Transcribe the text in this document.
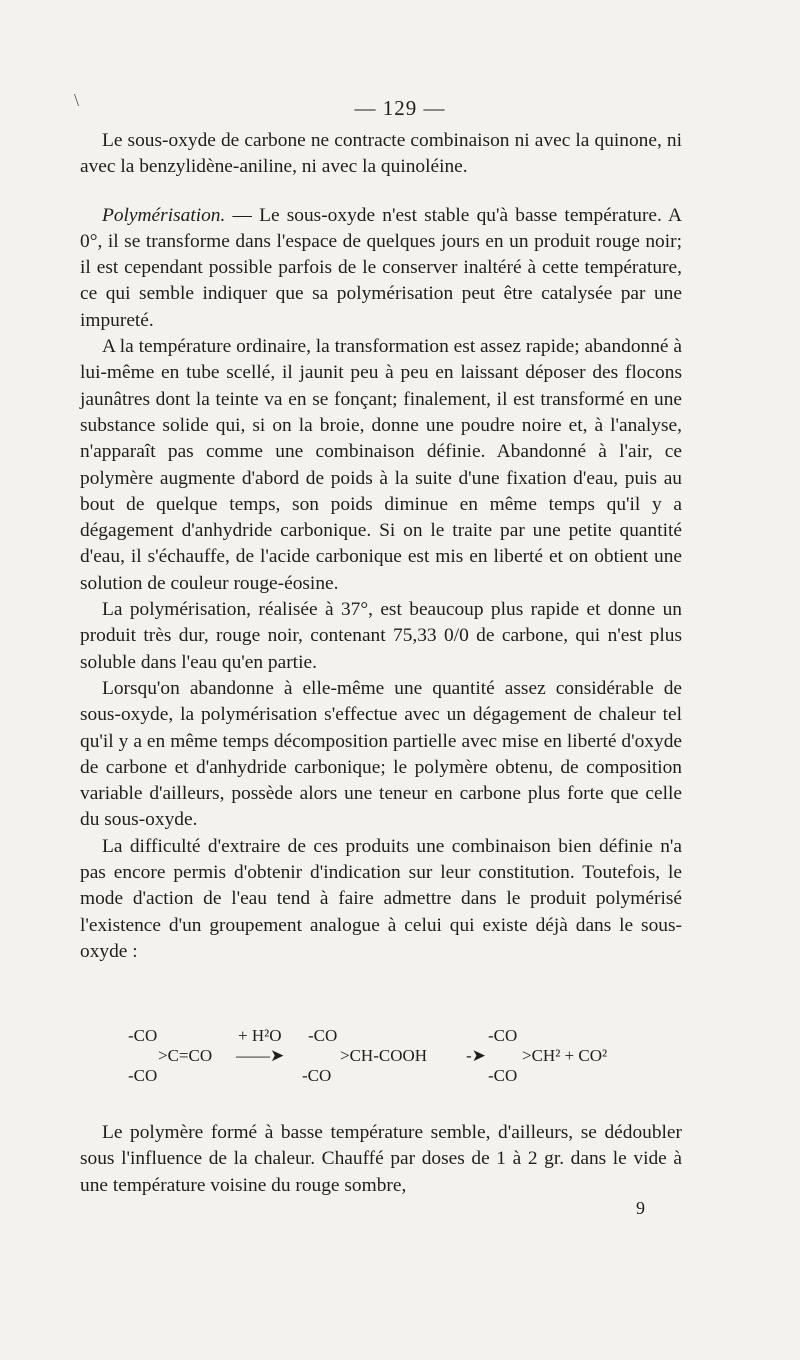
\	— 129 —

Le sous-oxyde de carbone ne contracte combinaison ni avec la quinone, ni avec la benzylidène-aniline, ni avec la quinoléine.

Polymérisation. — Le sous-oxyde n'est stable qu'à basse température. A 0°, il se transforme dans l'espace de quelques jours en un produit rouge noir; il est cependant possible parfois de le conserver inaltéré à cette température, ce qui semble indiquer que sa polymérisation peut être catalysée par une impureté.

A la température ordinaire, la transformation est assez rapide; abandonné à lui-même en tube scellé, il jaunit peu à peu en laissant déposer des flocons jaunâtres dont la teinte va en se fonçant; finalement, il est transformé en une substance solide qui, si on la broie, donne une poudre noire et, à l'analyse, n'apparaît pas comme une combinaison définie. Abandonné à l'air, ce polymère augmente d'abord de poids à la suite d'une fixation d'eau, puis au bout de quelque temps, son poids diminue en même temps qu'il y a dégagement d'anhydride carbonique. Si on le traite par une petite quantité d'eau, il s'échauffe, de l'acide carbonique est mis en liberté et on obtient une solution de couleur rouge-éosine.

La polymérisation, réalisée à 37°, est beaucoup plus rapide et donne un produit très dur, rouge noir, contenant 75,33 0/0 de carbone, qui n'est plus soluble dans l'eau qu'en partie.

Lorsqu'on abandonne à elle-même une quantité assez considérable de sous-oxyde, la polymérisation s'effectue avec un dégagement de chaleur tel qu'il y a en même temps décomposition partielle avec mise en liberté d'oxyde de carbone et d'anhydride carbonique; le polymère obtenu, de composition variable d'ailleurs, possède alors une teneur en carbone plus forte que celle du sous-oxyde.

La difficulté d'extraire de ces produits une combinaison bien définie n'a pas encore permis d'obtenir d'indication sur leur constitution. Toutefois, le mode d'action de l'eau tend à faire admettre dans le produit polymérisé l'existence d'un groupement analogue à celui qui existe déjà dans le sous-oxyde :

-CO
>C=CO
-CO
+ H²O
——➤
-CO
>CH-COOH
-CO
-➤
-CO
>CH² + CO²
-CO

Le polymère formé à basse température semble, d'ailleurs, se dédoubler sous l'influence de la chaleur. Chauffé par doses de 1 à 2 gr. dans le vide à une température voisine du rouge sombre,

9
